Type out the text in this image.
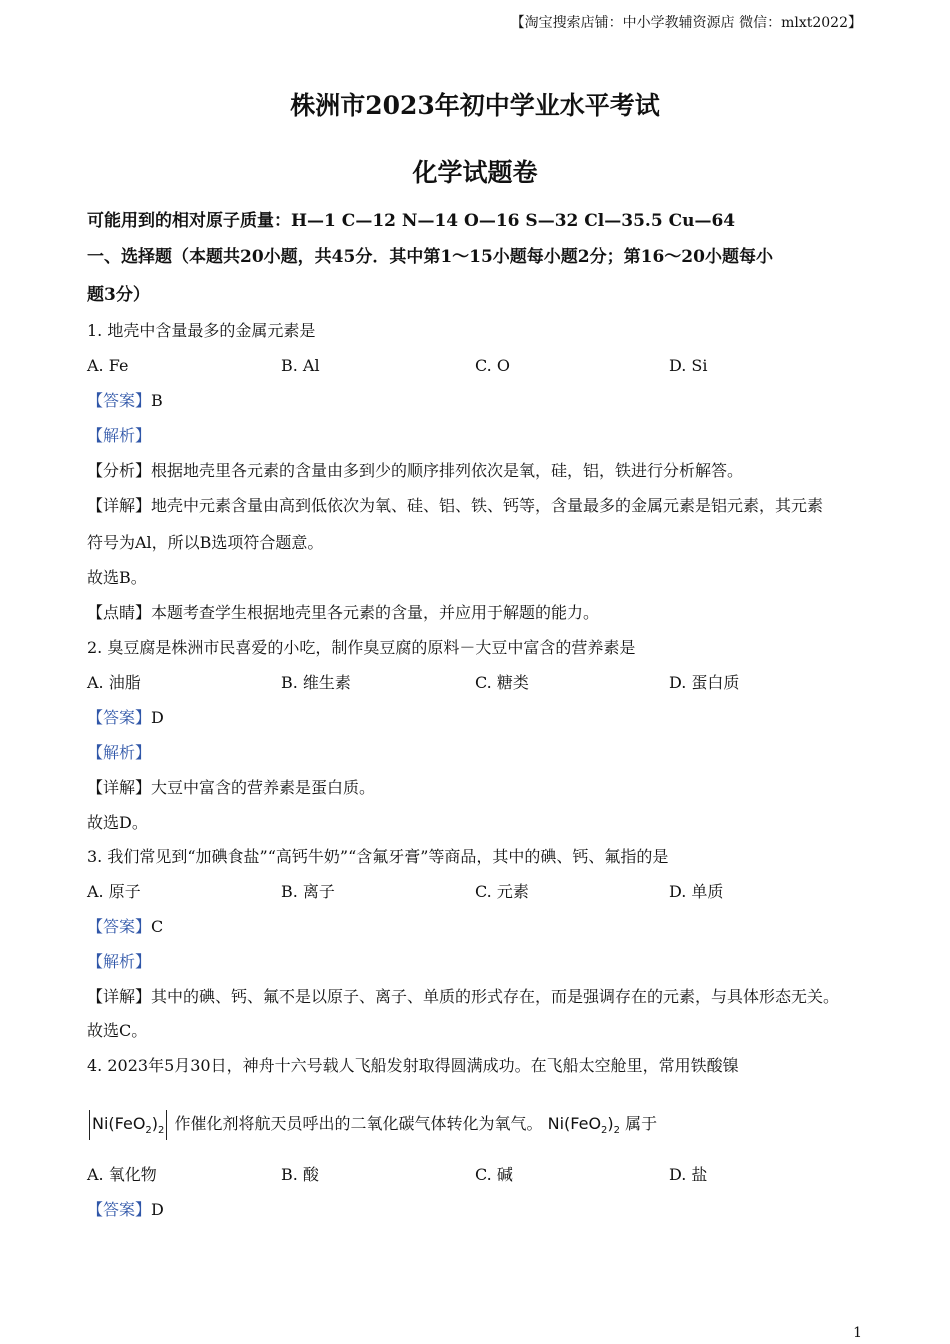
【淘宝搜索店铺：中小学教辅资源店 微信：mlxt2022】
株洲市2023年初中学业水平考试
化学试题卷
可能用到的相对原子质量：H—1 C—12 N—14 O—16 S—32 Cl—35.5 Cu—64
一、选择题（本题共20小题，共45分．其中第1～15小题每小题2分；第16～20小题每小
题3分）
1. 地壳中含量最多的金属元素是
A. Fe	B. Al	C. O	D. Si
【答案】B
【解析】
【分析】根据地壳里各元素的含量由多到少的顺序排列依次是氧，硅，铝，铁进行分析解答。
【详解】地壳中元素含量由高到低依次为氧、硅、铝、铁、钙等，含量最多的金属元素是铝元素，其元素
符号为Al，所以B选项符合题意。
故选B。
【点睛】本题考查学生根据地壳里各元素的含量，并应用于解题的能力。
2. 臭豆腐是株洲市民喜爱的小吃，制作臭豆腐的原料－大豆中富含的营养素是
A. 油脂	B. 维生素	C. 糖类	D. 蛋白质
【答案】D
【解析】
【详解】大豆中富含的营养素是蛋白质。
故选D。
3. 我们常见到“加碘食盐”“高钙牛奶”“含氟牙膏”等商品，其中的碘、钙、氟指的是
A. 原子	B. 离子	C. 元素	D. 单质
【答案】C
【解析】
【详解】其中的碘、钙、氟不是以原子、离子、单质的形式存在，而是强调存在的元素，与具体形态无关。
故选C。
4. 2023年5月30日，神舟十六号载人飞船发射取得圆满成功。在飞船太空舱里，常用铁酸镍
$Ni(FeO_2)_2$ 作催化剂将航天员呼出的二氧化碳气体转化为氧气。 $Ni(FeO_2)_2$ 属于
A. 氧化物	B. 酸	C. 碱	D. 盐
【答案】D
1
